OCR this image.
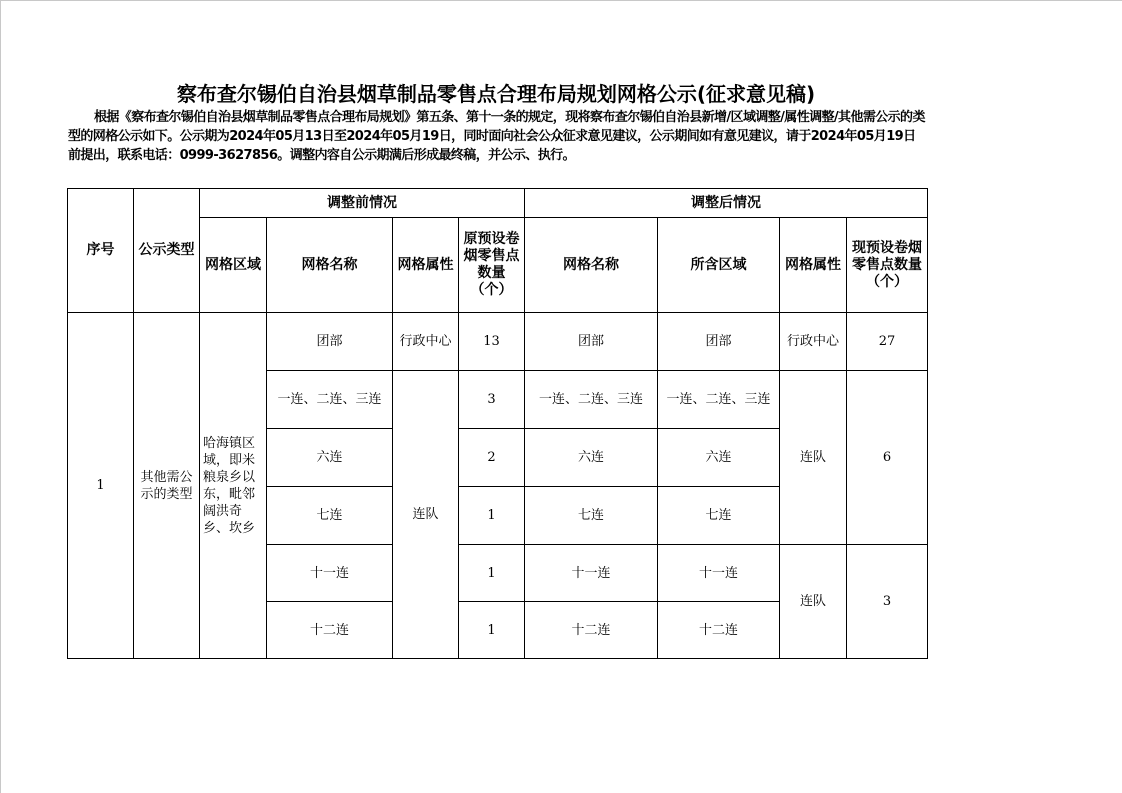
察布查尔锡伯自治县烟草制品零售点合理布局规划网格公示(征求意见稿)

根据《察布查尔锡伯自治县烟草制品零售点合理布局规划》第五条、第十一条的规定，现将察布查尔锡伯自治县新增/区域调整/属性调整/其他需公示的类型的网格公示如下。公示期为2024年05月13日至2024年05月19日，同时面向社会公众征求意见建议，公示期间如有意见建议，请于2024年05月19日前提出，联系电话：0999-3627856。调整内容自公示期满后形成最终稿，并公示、执行。

序号	公示类型	调整前情况				调整后情况			
		网格区域	网格名称	网格属性	原预设卷烟零售点数量（个）	网格名称	所含区域	网格属性	现预设卷烟零售点数量（个）
1	其他需公示的类型	哈海镇区域，即米粮泉乡以东，毗邻阔洪奇乡、坎乡	团部	行政中心	13	团部	团部	行政中心	27
			一连、二连、三连	连队	3	一连、二连、三连	一连、二连、三连	连队	6
			六连		2	六连	六连		
			七连		1	七连	七连		
			十一连		1	十一连	十一连	连队	3
			十二连		1	十二连	十二连		
